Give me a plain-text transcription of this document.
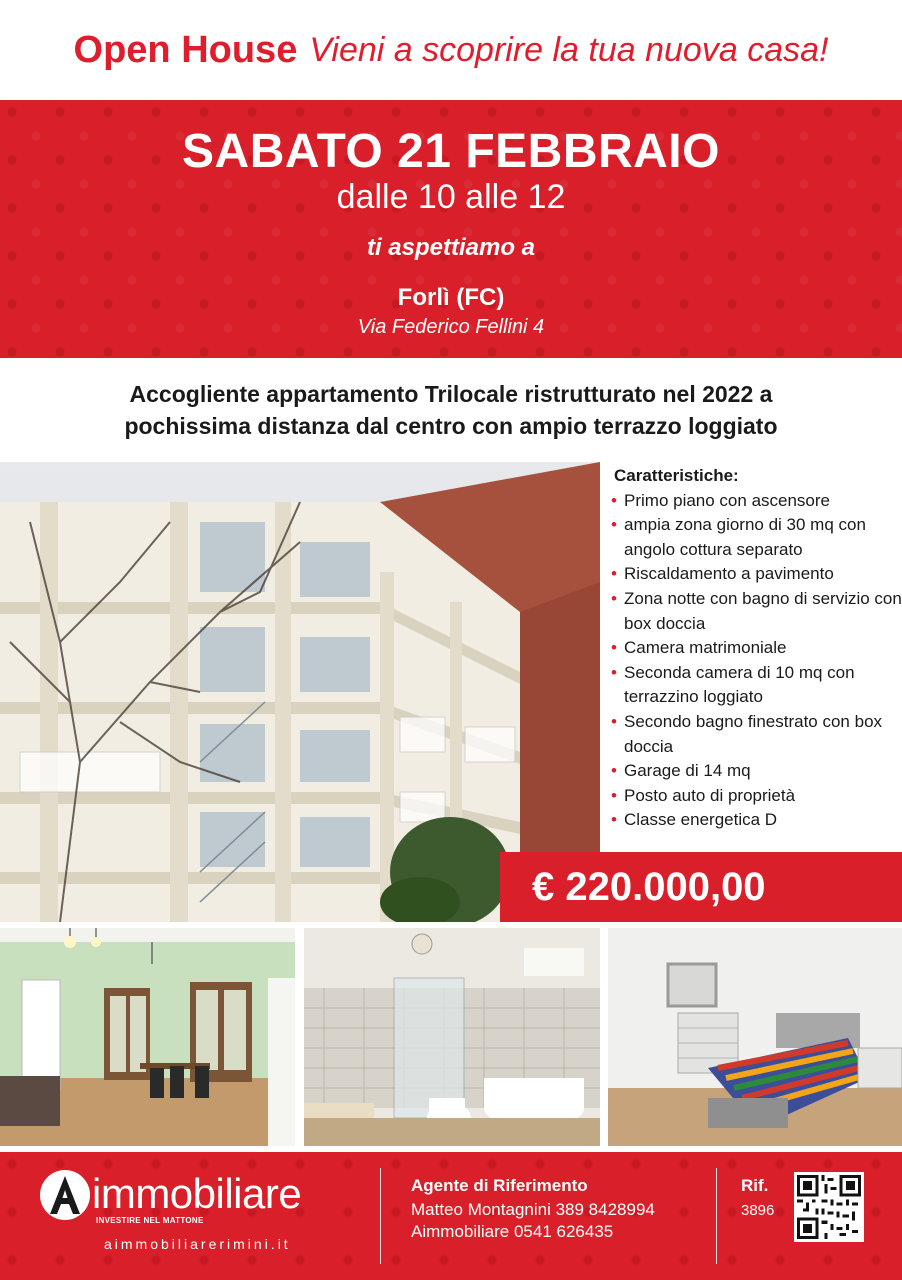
Open House Vieni a scoprire la tua nuova casa!
SABATO 21 FEBBRAIO
dalle 10 alle 12
ti aspettiamo a
Forlì (FC)
Via Federico Fellini 4
Accogliente appartamento Trilocale ristrutturato nel 2022 a
pochissima distanza dal centro con ampio terrazzo loggiato
Caratteristiche:
• Primo piano con ascensore
• ampia zona giorno di 30 mq con angolo cottura separato
• Riscaldamento a pavimento
• Zona notte con bagno di servizio con box doccia
• Camera matrimoniale
• Seconda camera di 10 mq con terrazzino loggiato
• Secondo bagno finestrato con box doccia
• Garage di 14 mq
• Posto auto di proprietà
• Classe energetica D
€ 220.000,00
immobiliare
INVESTIRE NEL MATTONE
aimmobiliarerimini.it
Agente di Riferimento
Matteo Montagnini 389 8428994
Aimmobiliare 0541 626435
Rif.
3896
